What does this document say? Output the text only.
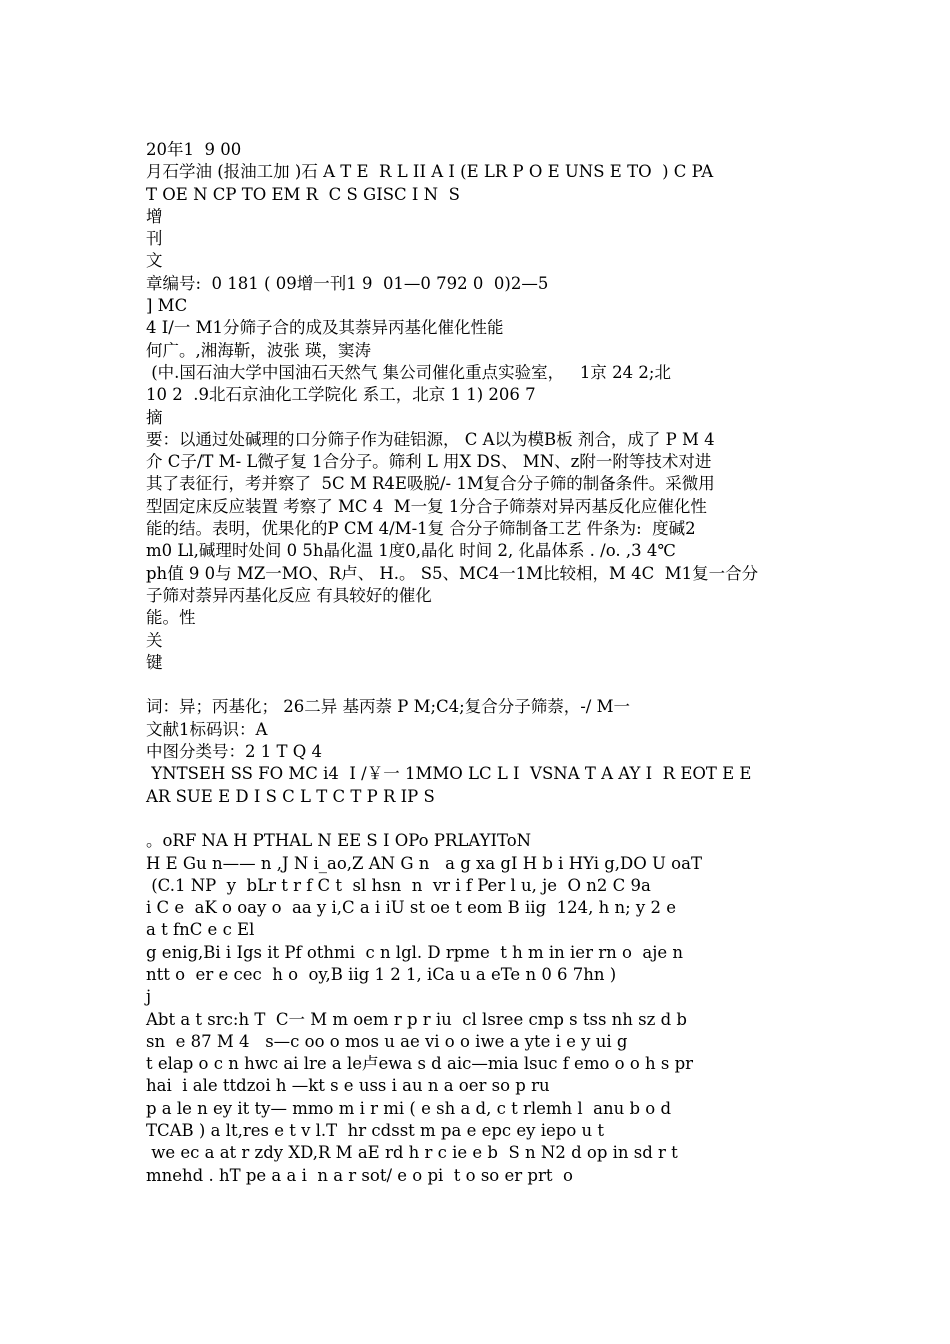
20年1  9 00
月石学油 (报油工加 )石 A T E  R L II A I (E LR P O E UNS E TO  ) C PA
T OE N CP TO EM R  C S GISC I N  S
增
刊
文
章编号:  0 181 ( 09增一刊1 9  01—0 792 0  0)2—5
] MC
4 I/一 M1分筛子合的成及其萘异丙基化催化性能
何广。,湘海靳，波张 瑛，窦涛
(中.国石油大学中国油石天然气 集公司催化重点实验室，   1京 24 2;北
10 2  .9北石京油化工学院化 系工，北京 1 1) 206 7
摘
要：以通过处碱理的口分筛子作为硅铝源， C A以为模B板 剂合，成了 P M 4
介 C子/T M- L微孑复 1合分子。筛利 L 用X DS、 MN、z附一附等技术对进
其了表征行，考并察了  5C M R4E吸脱/- 1M复合分子筛的制备条件。采微用
型固定床反应装置 考察了 MC 4  M一复 1分合子筛萘对异丙基反化应催化性
能的结。表明，优果化的P CM 4/M-1复 合分子筛制备工艺 件条为:  度碱2
m0 Ll,碱理时处间 0 5h晶化温 1度0,晶化 时间 2, 化晶体系 . /o. ,3 4℃
ph值 9 0与 MZ一MO、R卢、 H.。 S5、MC4一1M比较相，M 4C  M1复一合分
子筛对萘异丙基化反应 有具较好的催化
能。性
关
键
词：异；丙基化； 26二异 基丙萘 P M;C4;复合分子筛萘，-/ M一
文献1标码识：A
中图分类号：2 1 T Q 4
YNTSEH SS FO MC i4  I /￥一 1MMO LC L I  VSNA T A AY I  R EOT E E
AR SUE E D I S C L T C T P R IP S
。oRF NA H PTHAL N EE S I OPo PRLAYIToN
H E Gu n—— n ,J N i_ao,Z AN G n   a g xa gI H b i HYi g,DO U oaT
(C.1 NP  y  bLr t r f C t  sl hsn  n  vr i f Per l u, je  O n2 C 9a
i C e  aK o oay o  aa y i,C a i iU st oe t eom B iig  124, h n; y 2 e
a t fnC e c El
g enig,Bi i Igs it Pf othmi  c n lgl. D rpme  t h m in ier rn o  aje n
ntt o  er e cec  h o  oy,B iig 1 2 1, iCa u a eTe n 0 6 7hn )
j
Abt a t src:h T  C一 M m oem r p r iu  cl lsree cmp s tss nh sz d b
sn  e 87 M 4   s—c oo o mos u ae vi o o iwe a yte i e y ui g
t elap o c n hwc ai lre a le卢ewa s d aic—mia lsuc f emo o o h s pr
hai  i ale ttdzoi h —kt s e uss i au n a oer so p ru
p a le n ey it ty— mmo m i r mi ( e sh a d, c t rlemh l  anu b o d
TCAB ) a lt,res e t v l.T  hr cdsst m pa e epc ey iepo u t
we ec a at r zdy XD,R M aE rd h r c ie e b  S n N2 d op in sd r t
mnehd . hT pe a a i  n a r sot/ e o pi  t o so er prt  o
